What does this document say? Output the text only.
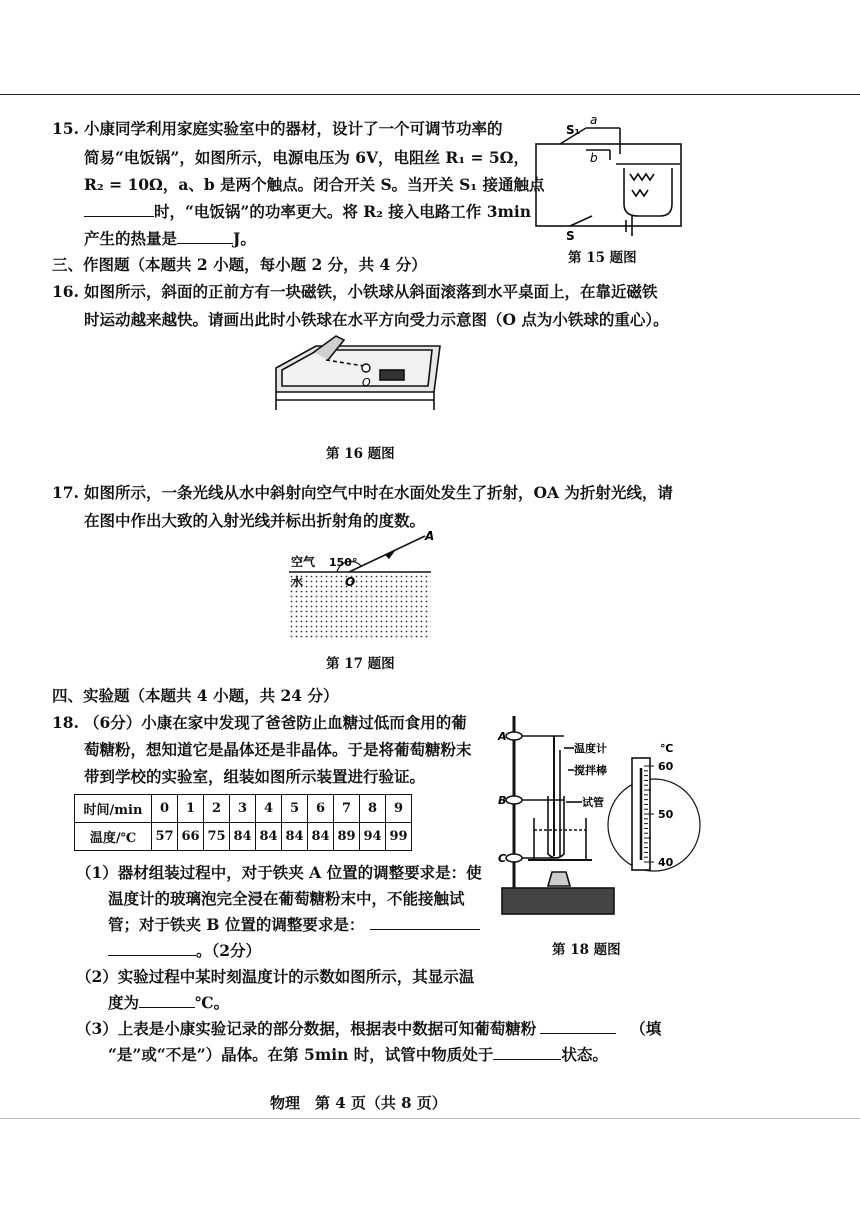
15. 小康同学利用家庭实验室中的器材，设计了一个可调节功率的
简易“电饭锅”，如图所示，电源电压为 6V，电阻丝 R₁ = 5Ω，
R₂ = 10Ω，a、b 是两个触点。闭合开关 S。当开关 S₁ 接通触点
时，“电饭锅”的功率更大。将 R₂ 接入电路工作 3min
产生的热量是	J。
S₁
a
b
S
第 15 题图
三、作图题（本题共 2 小题，每小题 2 分，共 4 分）
16. 如图所示，斜面的正前方有一块磁铁，小铁球从斜面滚落到水平桌面上，在靠近磁铁
时运动越来越快。请画出此时小铁球在水平方向受力示意图（O 点为小铁球的重心）。
O
第 16 题图
17. 如图所示，一条光线从水中斜射向空气中时在水面处发生了折射，OA 为折射光线，请
在图中作出大致的入射光线并标出折射角的度数。
空气
水
150°
O
A
第 17 题图
四、实验题（本题共 4 小题，共 24 分）
18. （6分）小康在家中发现了爸爸防止血糖过低而食用的葡
萄糖粉，想知道它是晶体还是非晶体。于是将葡萄糖粉末
带到学校的实验室，组装如图所示装置进行验证。
时间/min	0	1	2	3	4	5	6	7	8	9
温度/℃	57	66	75	84	84	84	84	89	94	99
（1）器材组装过程中，对于铁夹 A 位置的调整要求是：使
温度计的玻璃泡完全浸在葡萄糖粉末中，不能接触试
管；对于铁夹 B 位置的调整要求是：
。（2分）
（2）实验过程中某时刻温度计的示数如图所示，其显示温
度为	℃。
（3）上表是小康实验记录的部分数据，根据表中数据可知葡萄糖粉	（填
“是”或“不是”）晶体。在第 5min 时，试管中物质处于	状态。
温度计
搅拌棒
试管
A
B
C
℃
60
50
40
第 18 题图
物理　第 4 页（共 8 页）
